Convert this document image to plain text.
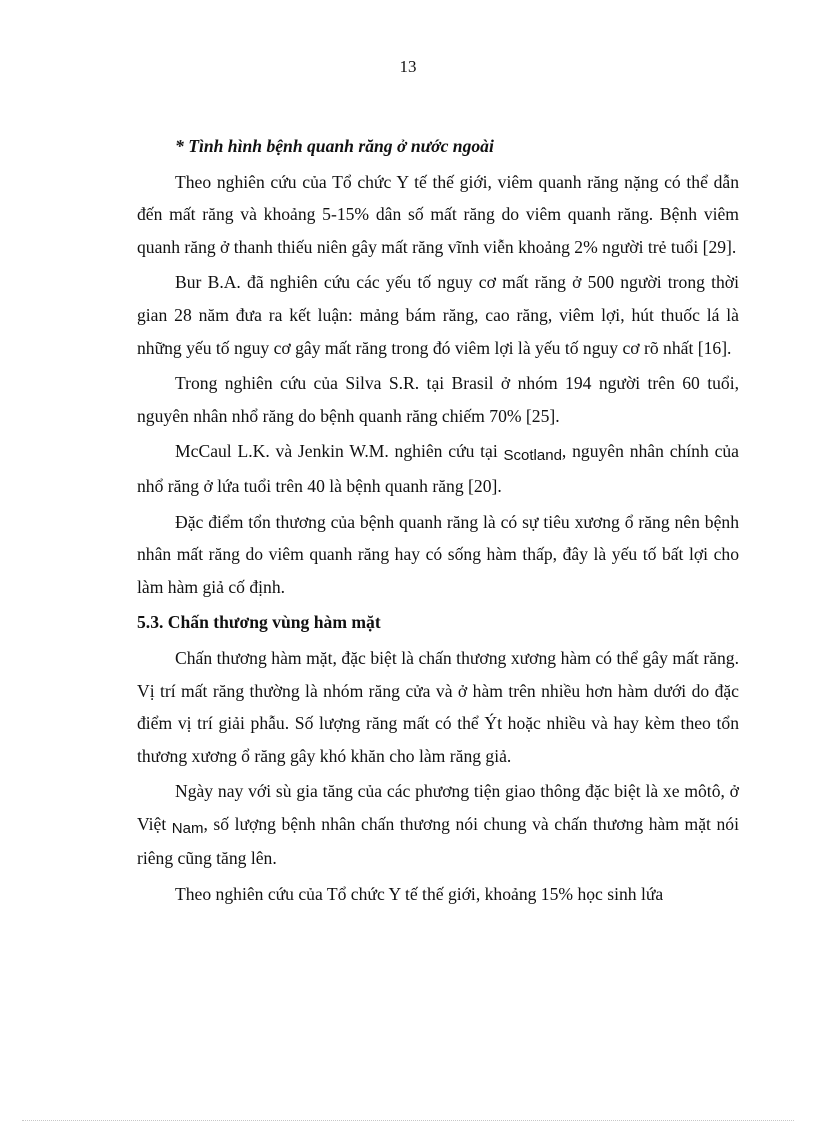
13
* Tình hình bệnh quanh răng ở nước ngoài

Theo nghiên cứu của Tổ chức Y tế thế giới, viêm quanh răng nặng có thể dẫn đến mất răng và khoảng 5-15% dân số mất răng do viêm quanh răng. Bệnh viêm quanh răng ở thanh thiếu niên gây mất răng vĩnh viễn khoảng 2% người trẻ tuổi [29].

Bur B.A. đã nghiên cứu các yếu tố nguy cơ mất răng ở 500 người trong thời gian 28 năm đưa ra kết luận: mảng bám răng, cao răng, viêm lợi, hút thuốc lá là những yếu tố nguy cơ gây mất răng trong đó viêm lợi là yếu tố nguy cơ rõ nhất [16].

Trong nghiên cứu của Silva S.R. tại Brasil ở nhóm 194 người trên 60 tuổi, nguyên nhân nhổ răng do bệnh quanh răng chiếm 70% [25].

McCaul L.K. và Jenkin W.M. nghiên cứu tại Scotland, nguyên nhân chính của nhổ răng ở lứa tuổi trên 40 là bệnh quanh răng [20].

Đặc điểm tổn thương của bệnh quanh răng là có sự tiêu xương ổ răng nên bệnh nhân mất răng do viêm quanh răng hay có sống hàm thấp, đây là yếu tố bất lợi cho làm hàm giả cố định.

5.3. Chấn thương vùng hàm mặt

Chấn thương hàm mặt, đặc biệt là chấn thương xương hàm có thể gây mất răng. Vị trí mất răng thường là nhóm răng cửa và ở hàm trên nhiều hơn hàm dưới do đặc điểm vị trí giải phẫu. Số lượng răng mất có thể Ýt hoặc nhiều và hay kèm theo tổn thương xương ổ răng gây khó khăn cho làm răng giả.

Ngày nay với sù gia tăng của các phương tiện giao thông đặc biệt là xe môtô, ở Việt Nam, số lượng bệnh nhân chấn thương nói chung và chấn thương hàm mặt nói riêng cũng tăng lên.

Theo nghiên cứu của Tổ chức Y tế thế giới, khoảng 15% học sinh lứa
